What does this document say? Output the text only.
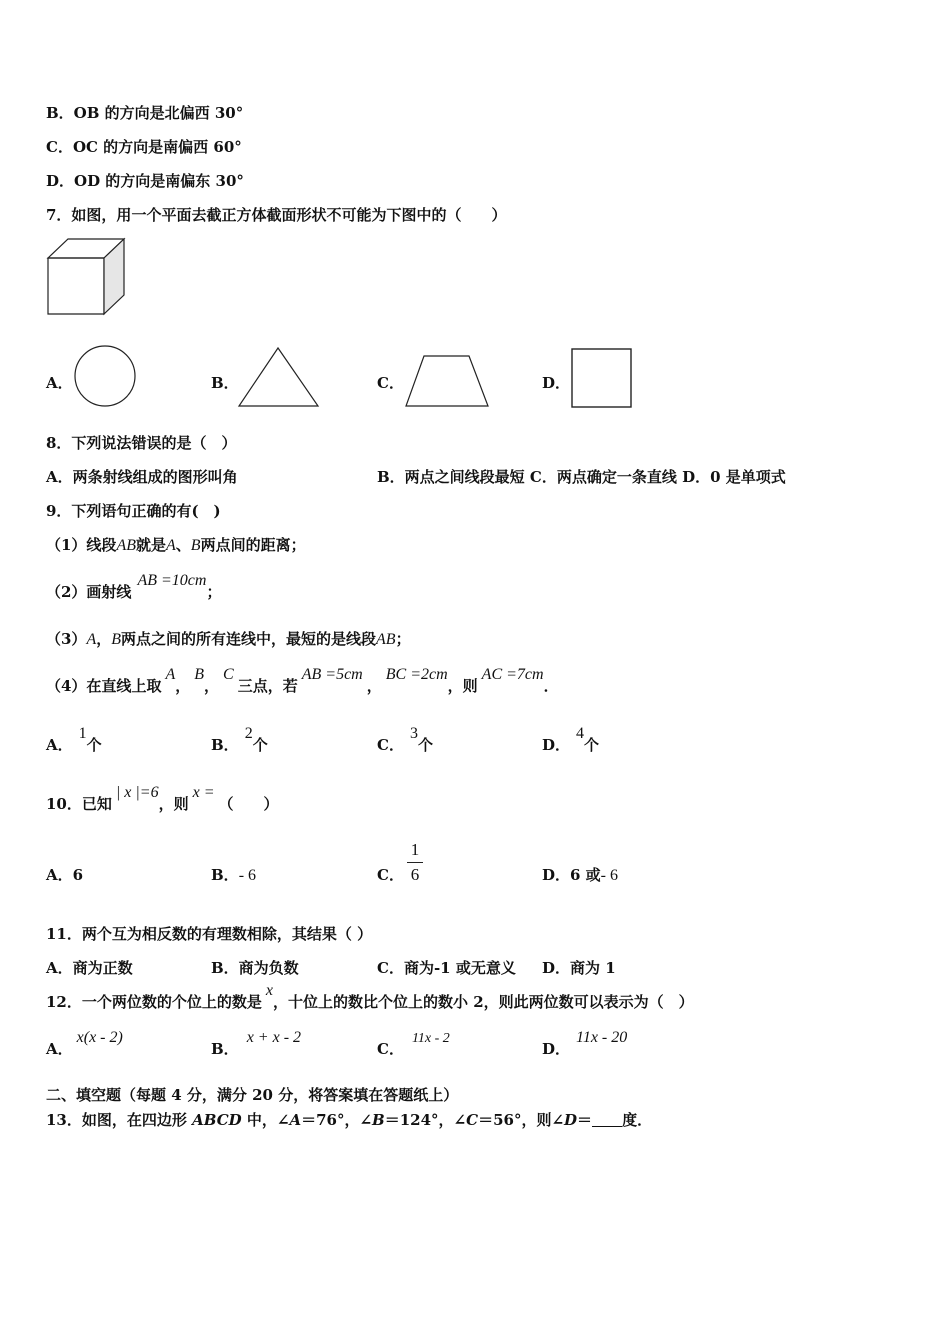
B．OB 的方向是北偏西 30°
C．OC 的方向是南偏西 60°
D．OD 的方向是南偏东 30°
7．如图，用一个平面去截正方体截面形状不可能为下图中的（　　）
A．	B．	C．	D．
8．下列说法错误的是（　）
A．两条射线组成的图形叫角	B．两点之间线段最短 C．两点确定一条直线 D．0 是单项式
9．下列语句正确的有(　)
（1）线段AB就是A、B两点间的距离；
（2）画射线AB =10cm；
（3）A，B两点之间的所有连线中，最短的是线段AB；
（4）在直线上取A，B，C三点，若AB =5cm，BC =2cm，则AC =7cm．
A．1个	B．2个	C．3个	D．4个
10．已知| x |=6，则x =（　　）
A．6	B．- 6	C．
1
6	D．6 或- 6
11．两个互为相反数的有理数相除，其结果（ ）
A．商为正数	B．商为负数	C．商为-1 或无意义 D．商为 1
12．一个两位数的个位上的数是x，十位上的数比个位上的数小 2，则此两位数可以表示为（　）
A．x(x - 2)
B．x + x - 2
C．11x - 2
D．11x - 20
二、填空题（每题 4 分，满分 20 分，将答案填在答题纸上）
13．如图，在四边形 ABCD 中，∠A＝76°，∠B＝124°，∠C＝56°，则∠D＝ 度．
